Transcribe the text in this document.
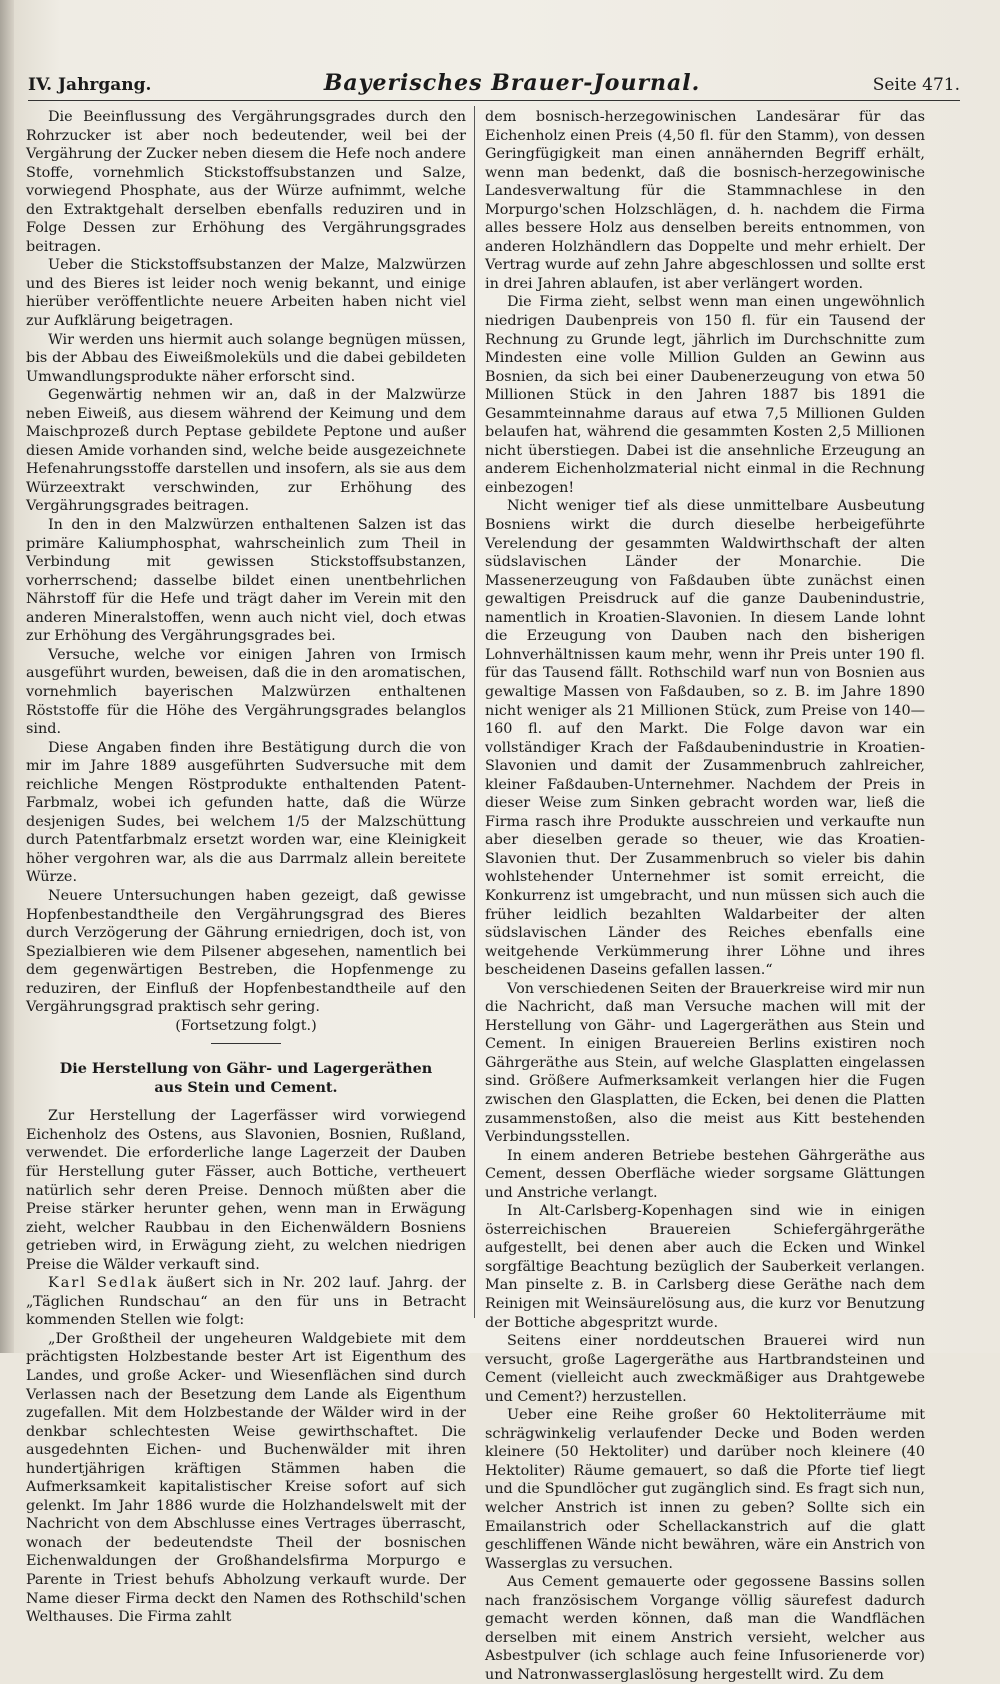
IV. Jahrgang.	Bayerisches Brauer-Journal.	Seite 471.

Die Beeinflussung des Vergährungsgrades durch den Rohrzucker ist aber noch bedeutender, weil bei der Vergährung der Zucker neben diesem die Hefe noch andere Stoffe, vornehmlich Stickstoffsubstanzen und Salze, vorwiegend Phosphate, aus der Würze aufnimmt, welche den Extraktgehalt derselben ebenfalls reduziren und in Folge Dessen zur Erhöhung des Vergährungsgrades beitragen.

Ueber die Stickstoffsubstanzen der Malze, Malzwürzen und des Bieres ist leider noch wenig bekannt, und einige hierüber veröffentlichte neuere Arbeiten haben nicht viel zur Aufklärung beigetragen.

Wir werden uns hiermit auch solange begnügen müssen, bis der Abbau des Eiweißmoleküls und die dabei gebildeten Umwandlungsprodukte näher erforscht sind.

Gegenwärtig nehmen wir an, daß in der Malzwürze neben Eiweiß, aus diesem während der Keimung und dem Maischprozeß durch Peptase gebildete Peptone und außer diesen Amide vorhanden sind, welche beide ausgezeichnete Hefenahrungsstoffe darstellen und insofern, als sie aus dem Würzeextrakt verschwinden, zur Erhöhung des Vergährungsgrades beitragen.

In den in den Malzwürzen enthaltenen Salzen ist das primäre Kaliumphosphat, wahrscheinlich zum Theil in Verbindung mit gewissen Stickstoffsubstanzen, vorherrschend; dasselbe bildet einen unentbehrlichen Nährstoff für die Hefe und trägt daher im Verein mit den anderen Mineralstoffen, wenn auch nicht viel, doch etwas zur Erhöhung des Vergährungsgrades bei.

Versuche, welche vor einigen Jahren von Irmisch ausgeführt wurden, beweisen, daß die in den aromatischen, vornehmlich bayerischen Malzwürzen enthaltenen Röststoffe für die Höhe des Vergährungsgrades belanglos sind.

Diese Angaben finden ihre Bestätigung durch die von mir im Jahre 1889 ausgeführten Sudversuche mit dem reichliche Mengen Röstprodukte enthaltenden Patent-Farbmalz, wobei ich gefunden hatte, daß die Würze desjenigen Sudes, bei welchem 1/5 der Malzschüttung durch Patentfarbmalz ersetzt worden war, eine Kleinigkeit höher vergohren war, als die aus Darrmalz allein bereitete Würze.

Neuere Untersuchungen haben gezeigt, daß gewisse Hopfenbestandtheile den Vergährungsgrad des Bieres durch Verzögerung der Gährung erniedrigen, doch ist, von Spezialbieren wie dem Pilsener abgesehen, namentlich bei dem gegenwärtigen Bestreben, die Hopfenmenge zu reduziren, der Einfluß der Hopfenbestandtheile auf den Vergährungsgrad praktisch sehr gering.

(Fortsetzung folgt.)

Die Herstellung von Gähr- und Lagergeräthen
aus Stein und Cement.

Zur Herstellung der Lagerfässer wird vorwiegend Eichenholz des Ostens, aus Slavonien, Bosnien, Rußland, verwendet. Die erforderliche lange Lagerzeit der Dauben für Herstellung guter Fässer, auch Bottiche, vertheuert natürlich sehr deren Preise. Dennoch müßten aber die Preise stärker herunter gehen, wenn man in Erwägung zieht, welcher Raubbau in den Eichenwäldern Bosniens getrieben wird, in Erwägung zieht, zu welchen niedrigen Preise die Wälder verkauft sind.

Karl Sedlak äußert sich in Nr. 202 lauf. Jahrg. der „Täglichen Rundschau“ an den für uns in Betracht kommenden Stellen wie folgt:

„Der Großtheil der ungeheuren Waldgebiete mit dem prächtigsten Holzbestande bester Art ist Eigenthum des Landes, und große Acker- und Wiesenflächen sind durch Verlassen nach der Besetzung dem Lande als Eigenthum zugefallen. Mit dem Holzbestande der Wälder wird in der denkbar schlechtesten Weise gewirthschaftet. Die ausgedehnten Eichen- und Buchenwälder mit ihren hundertjährigen kräftigen Stämmen haben die Aufmerksamkeit kapitalistischer Kreise sofort auf sich gelenkt. Im Jahr 1886 wurde die Holzhandelswelt mit der Nachricht von dem Abschlusse eines Vertrages überrascht, wonach der bedeutendste Theil der bosnischen Eichenwaldungen der Großhandelsfirma Morpurgo e Parente in Triest behufs Abholzung verkauft wurde. Der Name dieser Firma deckt den Namen des Rothschild'schen Welthauses. Die Firma zahlt

dem bosnisch-herzegowinischen Landesärar für das Eichenholz einen Preis (4,50 fl. für den Stamm), von dessen Geringfügigkeit man einen annähernden Begriff erhält, wenn man bedenkt, daß die bosnisch-herzegowinische Landesverwaltung für die Stammnachlese in den Morpurgo'schen Holzschlägen, d. h. nachdem die Firma alles bessere Holz aus denselben bereits entnommen, von anderen Holzhändlern das Doppelte und mehr erhielt. Der Vertrag wurde auf zehn Jahre abgeschlossen und sollte erst in drei Jahren ablaufen, ist aber verlängert worden.

Die Firma zieht, selbst wenn man einen ungewöhnlich niedrigen Daubenpreis von 150 fl. für ein Tausend der Rechnung zu Grunde legt, jährlich im Durchschnitte zum Mindesten eine volle Million Gulden an Gewinn aus Bosnien, da sich bei einer Daubenerzeugung von etwa 50 Millionen Stück in den Jahren 1887 bis 1891 die Gesammteinnahme daraus auf etwa 7,5 Millionen Gulden belaufen hat, während die gesammten Kosten 2,5 Millionen nicht überstiegen. Dabei ist die ansehnliche Erzeugung an anderem Eichenholzmaterial nicht einmal in die Rechnung einbezogen!

Nicht weniger tief als diese unmittelbare Ausbeutung Bosniens wirkt die durch dieselbe herbeigeführte Verelendung der gesammten Waldwirthschaft der alten südslavischen Länder der Monarchie. Die Massenerzeugung von Faßdauben übte zunächst einen gewaltigen Preisdruck auf die ganze Daubenindustrie, namentlich in Kroatien-Slavonien. In diesem Lande lohnt die Erzeugung von Dauben nach den bisherigen Lohnverhältnissen kaum mehr, wenn ihr Preis unter 190 fl. für das Tausend fällt. Rothschild warf nun von Bosnien aus gewaltige Massen von Faßdauben, so z. B. im Jahre 1890 nicht weniger als 21 Millionen Stück, zum Preise von 140—160 fl. auf den Markt. Die Folge davon war ein vollständiger Krach der Faßdaubenindustrie in Kroatien-Slavonien und damit der Zusammenbruch zahlreicher, kleiner Faßdauben-Unternehmer. Nachdem der Preis in dieser Weise zum Sinken gebracht worden war, ließ die Firma rasch ihre Produkte ausschreien und verkaufte nun aber dieselben gerade so theuer, wie das Kroatien-Slavonien thut. Der Zusammenbruch so vieler bis dahin wohlstehender Unternehmer ist somit erreicht, die Konkurrenz ist umgebracht, und nun müssen sich auch die früher leidlich bezahlten Waldarbeiter der alten südslavischen Länder des Reiches ebenfalls eine weitgehende Verkümmerung ihrer Löhne und ihres bescheidenen Daseins gefallen lassen.“

Von verschiedenen Seiten der Brauerkreise wird mir nun die Nachricht, daß man Versuche machen will mit der Herstellung von Gähr- und Lagergeräthen aus Stein und Cement. In einigen Brauereien Berlins existiren noch Gährgeräthe aus Stein, auf welche Glasplatten eingelassen sind. Größere Aufmerksamkeit verlangen hier die Fugen zwischen den Glasplatten, die Ecken, bei denen die Platten zusammenstoßen, also die meist aus Kitt bestehenden Verbindungsstellen.

In einem anderen Betriebe bestehen Gährgeräthe aus Cement, dessen Oberfläche wieder sorgsame Glättungen und Anstriche verlangt.

In Alt-Carlsberg-Kopenhagen sind wie in einigen österreichischen Brauereien Schiefergährgeräthe aufgestellt, bei denen aber auch die Ecken und Winkel sorgfältige Beachtung bezüglich der Sauberkeit verlangen. Man pinselte z. B. in Carlsberg diese Geräthe nach dem Reinigen mit Weinsäurelösung aus, die kurz vor Benutzung der Bottiche abgespritzt wurde.

Seitens einer norddeutschen Brauerei wird nun versucht, große Lagergeräthe aus Hartbrandsteinen und Cement (vielleicht auch zweckmäßiger aus Drahtgewebe und Cement?) herzustellen.

Ueber eine Reihe großer 60 Hektoliterräume mit schrägwinkelig verlaufender Decke und Boden werden kleinere (50 Hektoliter) und darüber noch kleinere (40 Hektoliter) Räume gemauert, so daß die Pforte tief liegt und die Spundlöcher gut zugänglich sind. Es fragt sich nun, welcher Anstrich ist innen zu geben? Sollte sich ein Emailanstrich oder Schellackanstrich auf die glatt geschliffenen Wände nicht bewähren, wäre ein Anstrich von Wasserglas zu versuchen.

Aus Cement gemauerte oder gegossene Bassins sollen nach französischem Vorgange völlig säurefest dadurch gemacht werden können, daß man die Wandflächen derselben mit einem Anstrich versieht, welcher aus Asbestpulver (ich schlage auch feine Infusorienerde vor) und Natronwasserglaslösung hergestellt wird. Zu dem
